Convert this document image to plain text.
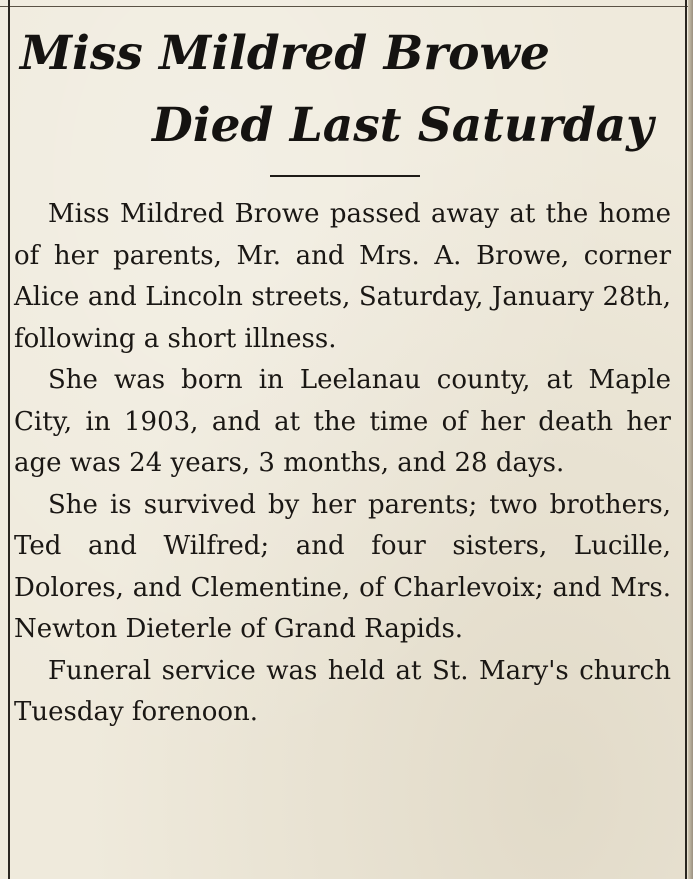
Miss Mildred Browe
Died Last Saturday

Miss Mildred Browe passed away at the home of her parents, Mr. and Mrs. A. Browe, corner Alice and Lincoln streets, Saturday, January 28th, following a short illness.

She was born in Leelanau county, at Maple City, in 1903, and at the time of her death her age was 24 years, 3 months, and 28 days.

She is survived by her parents; two brothers, Ted and Wilfred; and four sisters, Lucille, Dolores, and Clementine, of Charlevoix; and Mrs. Newton Dieterle of Grand Rapids.

Funeral service was held at St. Mary's church Tuesday forenoon.
